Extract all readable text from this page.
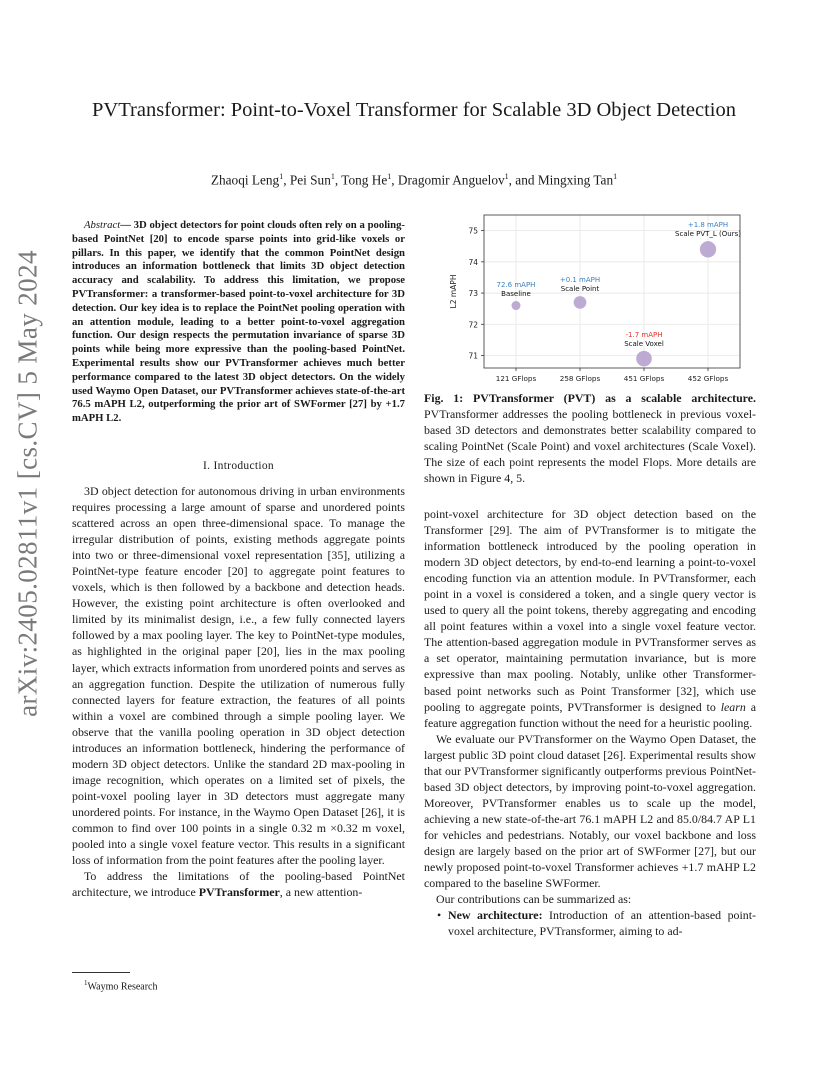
arXiv:2405.02811v1 [cs.CV] 5 May 2024
PVTransformer: Point-to-Voxel Transformer for Scalable 3D Object Detection
Zhaoqi Leng$^1$, Pei Sun$^1$, Tong He$^1$, Dragomir Anguelov$^1$, and Mingxing Tan$^1$

Abstract— 3D object detectors for point clouds often rely on a pooling-based PointNet [20] to encode sparse points into grid-like voxels or pillars. In this paper, we identify that the common PointNet design introduces an information bottleneck that limits 3D object detection accuracy and scalability. To address this limitation, we propose PVTransformer: a transformer-based point-to-voxel architecture for 3D detection. Our key idea is to replace the PointNet pooling operation with an attention module, leading to a better point-to-voxel aggregation function. Our design respects the permutation invariance of sparse 3D points while being more expressive than the pooling-based PointNet. Experimental results show our PVTransformer achieves much better performance compared to the latest 3D object detectors. On the widely used Waymo Open Dataset, our PVTransformer achieves state-of-the-art 76.5 mAPH L2, outperforming the prior art of SWFormer [27] by +1.7 mAPH L2.

I. Introduction

3D object detection for autonomous driving in urban environments requires processing a large amount of sparse and unordered points scattered across an open three-dimensional space. To manage the irregular distribution of points, existing methods aggregate points into two or three-dimensional voxel representation [35], utilizing a PointNet-type feature encoder [20] to aggregate point features to voxels, which is then followed by a backbone and detection heads. However, the existing point architecture is often overlooked and limited by its minimalist design, i.e., a few fully connected layers followed by a max pooling layer. The key to PointNet-type modules, as highlighted in the original paper [20], lies in the max pooling layer, which extracts information from unordered points and serves as an aggregation function. Despite the utilization of numerous fully connected layers for feature extraction, the features of all points within a voxel are combined through a simple pooling layer. We observe that the vanilla pooling operation in 3D object detection introduces an information bottleneck, hindering the performance of modern 3D object detectors. Unlike the standard 2D max-pooling in image recognition, which operates on a limited set of pixels, the point-voxel pooling layer in 3D detectors must aggregate many unordered points. For instance, in the Waymo Open Dataset [26], it is common to find over 100 points in a single 0.32 m ×0.32 m voxel, pooled into a single voxel feature vector. This results in a significant loss of information from the point features after the pooling layer.

To address the limitations of the pooling-based PointNet architecture, we introduce PVTransformer, a new attention-

$^1$Waymo Research
71
72
73
74
75
121 GFlops	258 GFlops	451 GFlops	452 GFlops
L2 mAPH	72.6 mAPH
Baseline
+0.1 mAPH
Scale Point
-1.7 mAPH
Scale Voxel
+1.8 mAPH
Scale PVT_L (Ours)

Fig. 1: PVTransformer (PVT) as a scalable architecture. PVTransformer addresses the pooling bottleneck in previous voxel-based 3D detectors and demonstrates better scalability compared to scaling PointNet (Scale Point) and voxel architectures (Scale Voxel). The size of each point represents the model Flops. More details are shown in Figure 4, 5.

point-voxel architecture for 3D object detection based on the Transformer [29]. The aim of PVTransformer is to mitigate the information bottleneck introduced by the pooling operation in modern 3D object detectors, by end-to-end learning a point-to-voxel encoding function via an attention module. In PVTransformer, each point in a voxel is considered a token, and a single query vector is used to query all the point tokens, thereby aggregating and encoding all point features within a voxel into a single voxel feature vector. The attention-based aggregation module in PVTransformer serves as a set operator, maintaining permutation invariance, but is more expressive than max pooling. Notably, unlike other Transformer-based point networks such as Point Transformer [32], which use pooling to aggregate points, PVTransformer is designed to learn a feature aggregation function without the need for a heuristic pooling.

We evaluate our PVTransformer on the Waymo Open Dataset, the largest public 3D point cloud dataset [26]. Experimental results show that our PVTransformer significantly outperforms previous PointNet-based 3D object detectors, by improving point-to-voxel aggregation. Moreover, PVTransformer enables us to scale up the model, achieving a new state-of-the-art 76.1 mAPH L2 and 85.0/84.7 AP L1 for vehicles and pedestrians. Notably, our voxel backbone and loss design are largely based on the prior art of SWFormer [27], but our newly proposed point-to-voxel Transformer achieves +1.7 mAHP L2 compared to the baseline SWFormer.

Our contributions can be summarized as:

• New architecture: Introduction of an attention-based point-voxel architecture, PVTransformer, aiming to ad-
